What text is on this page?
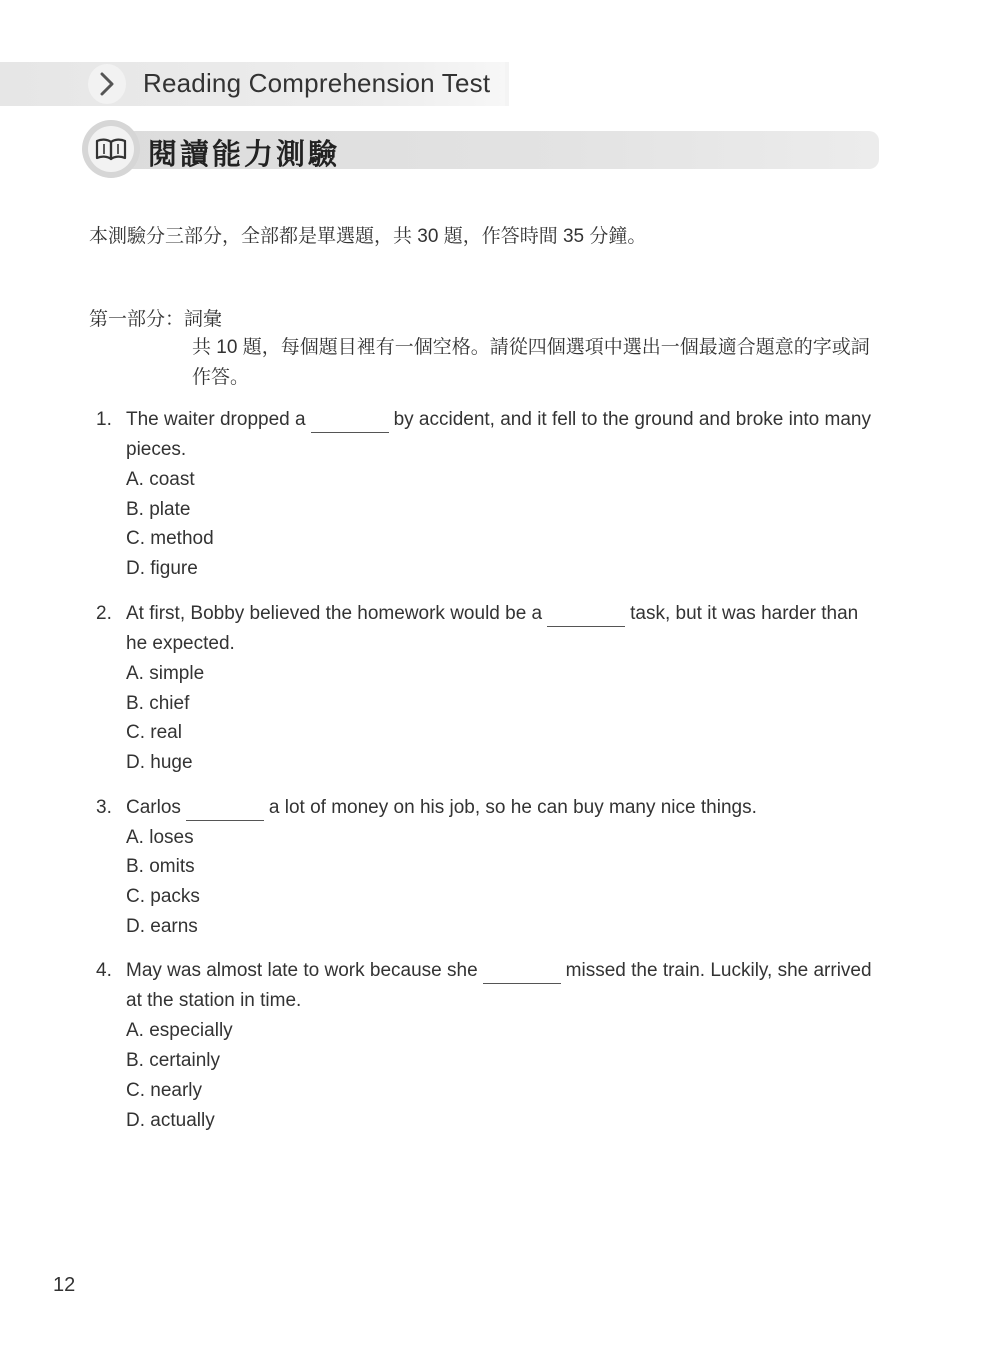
Reading Comprehension Test
閱讀能力測驗
本測驗分三部分，全部都是單選題，共 30 題，作答時間 35 分鐘。
第一部分：詞彙
共 10 題，每個題目裡有一個空格。請從四個選項中選出一個最適合題意的字或詞作答。
1. The waiter dropped a	by accident, and it fell to the ground and broke into many pieces.
A. coast
B. plate
C. method
D. figure
2. At first, Bobby believed the homework would be a	task, but it was harder than he expected.
A. simple
B. chief
C. real
D. huge
3. Carlos	a lot of money on his job, so he can buy many nice things.
A. loses
B. omits
C. packs
D. earns
4. May was almost late to work because she	missed the train. Luckily, she arrived at the station in time.
A. especially
B. certainly
C. nearly
D. actually
12
